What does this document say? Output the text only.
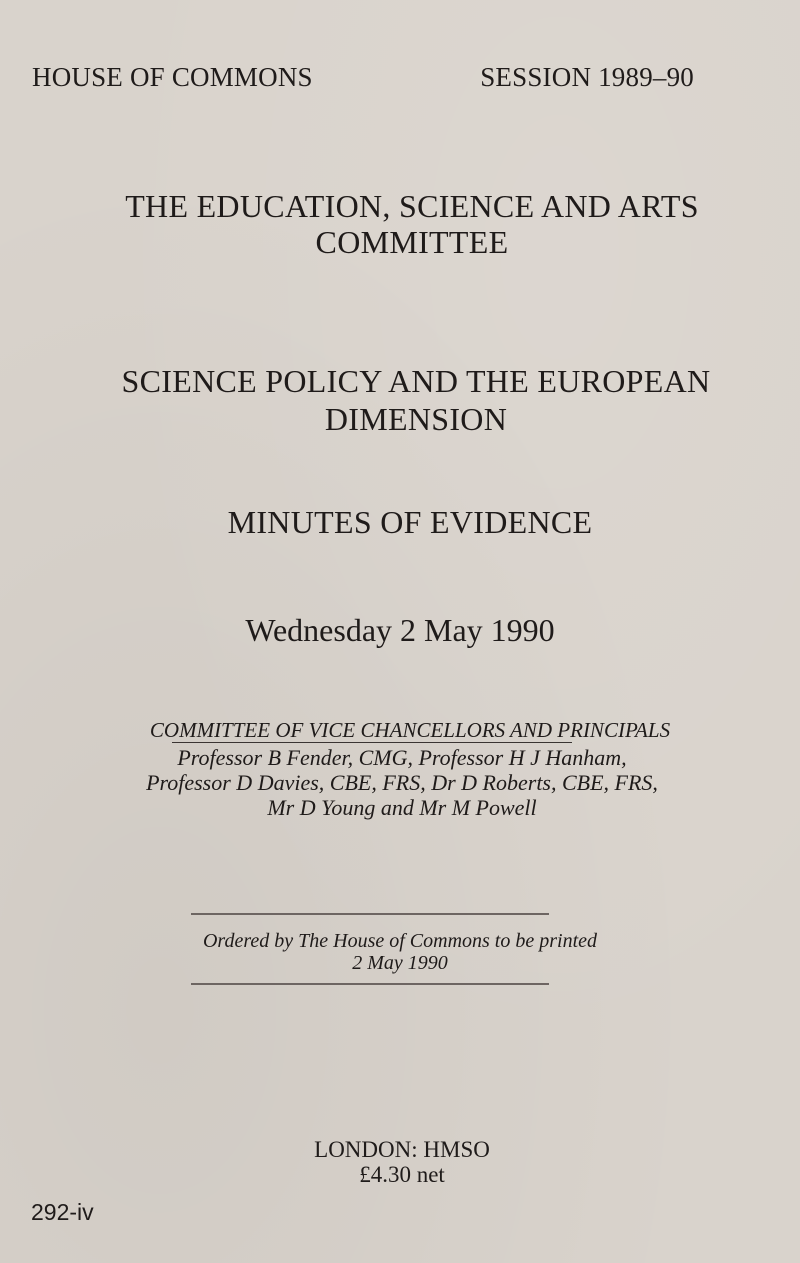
HOUSE OF COMMONS	SESSION 1989–90
THE EDUCATION, SCIENCE AND ARTS
COMMITTEE
SCIENCE POLICY AND THE EUROPEAN
DIMENSION
MINUTES OF EVIDENCE
Wednesday 2 May 1990
COMMITTEE OF VICE CHANCELLORS AND PRINCIPALS
Professor B Fender, CMG, Professor H J Hanham,
Professor D Davies, CBE, FRS, Dr D Roberts, CBE, FRS,
Mr D Young and Mr M Powell
Ordered by The House of Commons to be printed
2 May 1990
LONDON: HMSO
£4.30 net
292-iv
